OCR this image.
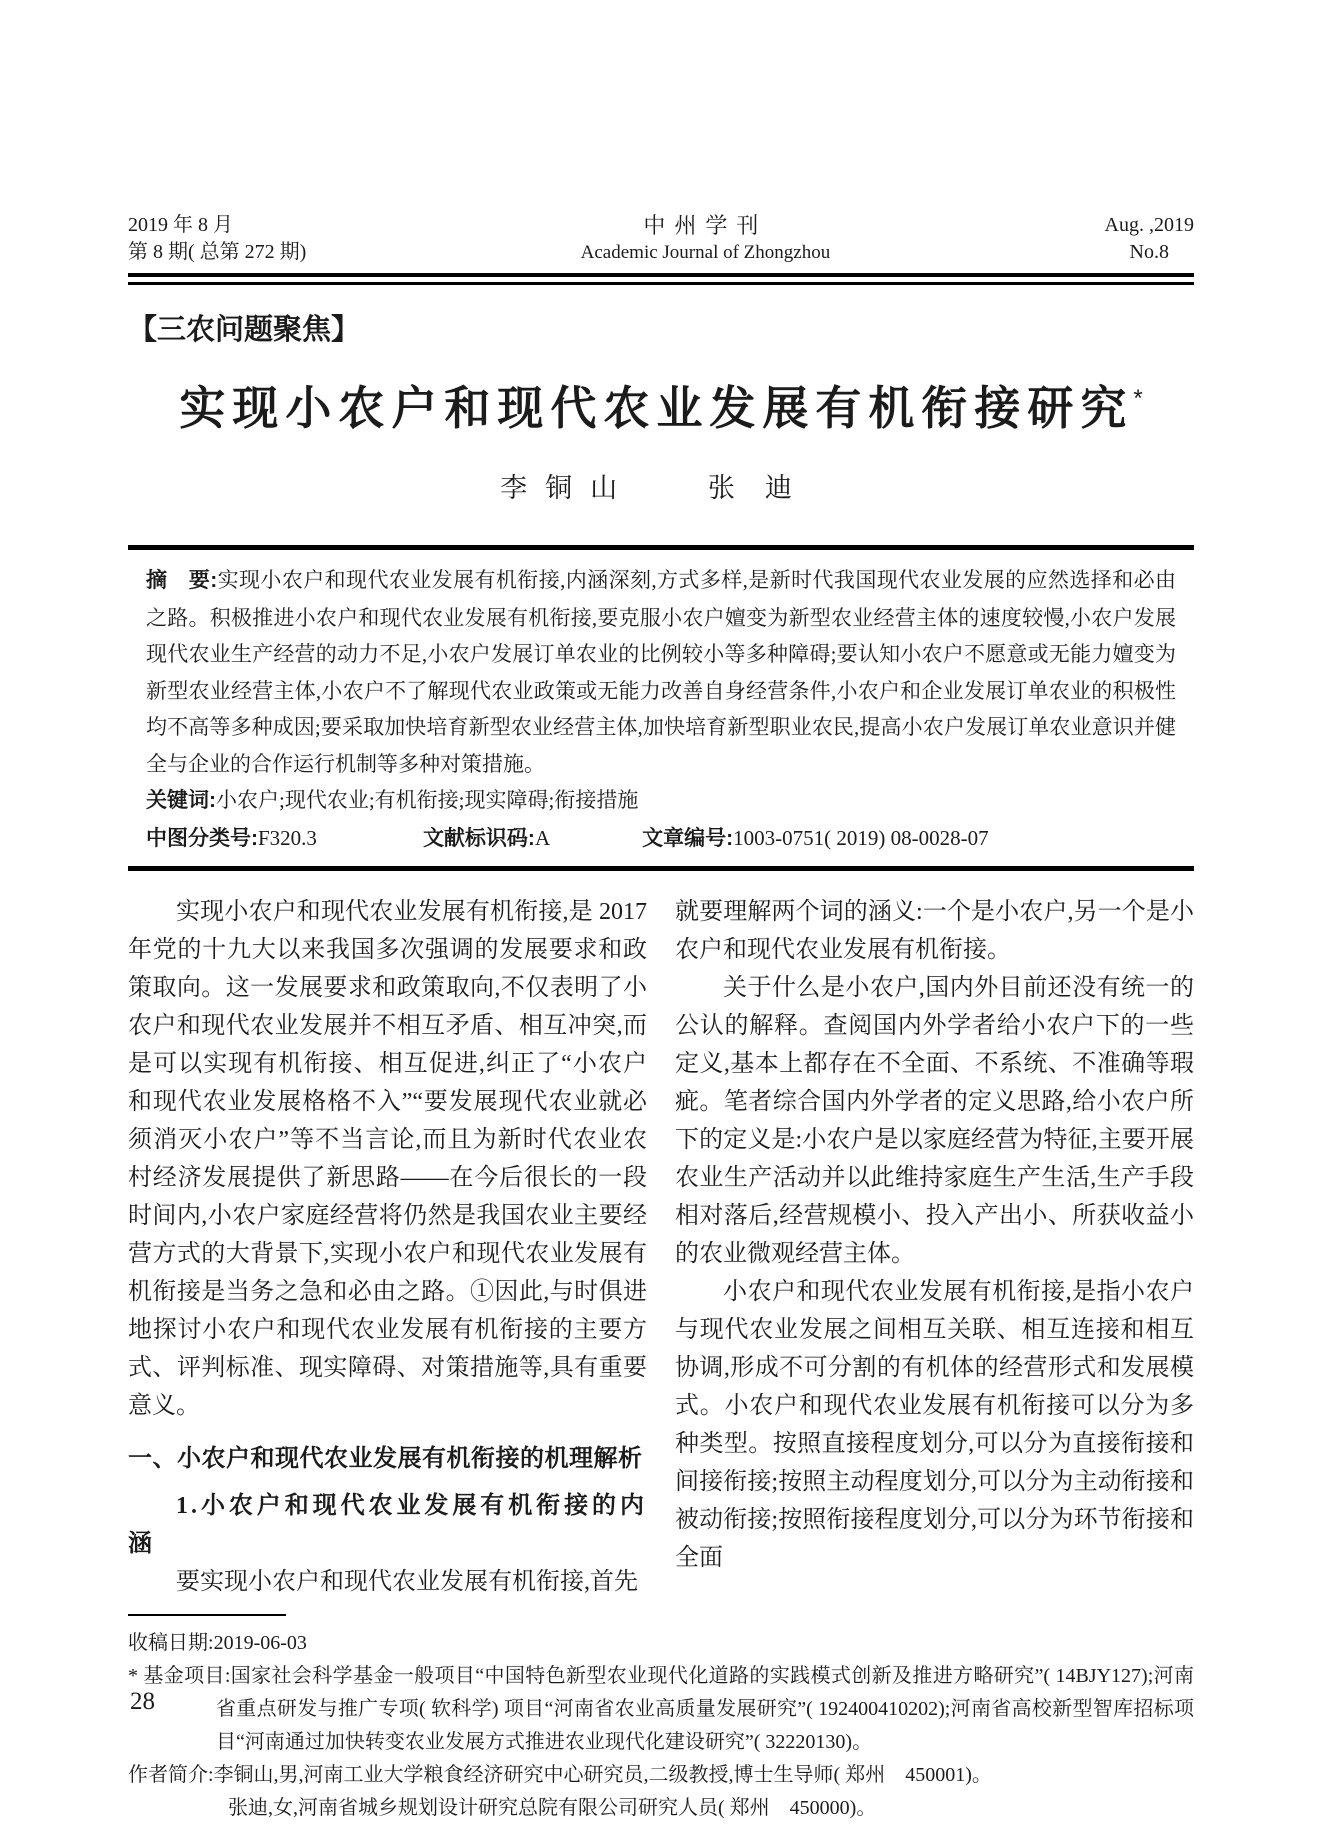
2019 年 8 月
第 8 期( 总第 272 期)
中州学刊
Academic Journal of Zhongzhou
Aug. ,2019
No.8
【三农问题聚焦】
实现小农户和现代农业发展有机衔接研究*
李铜山	张迪

摘　要:实现小农户和现代农业发展有机衔接,内涵深刻,方式多样,是新时代我国现代农业发展的应然选择和必由之路。积极推进小农户和现代农业发展有机衔接,要克服小农户嬗变为新型农业经营主体的速度较慢,小农户发展现代农业生产经营的动力不足,小农户发展订单农业的比例较小等多种障碍;要认知小农户不愿意或无能力嬗变为新型农业经营主体,小农户不了解现代农业政策或无能力改善自身经营条件,小农户和企业发展订单农业的积极性均不高等多种成因;要采取加快培育新型农业经营主体,加快培育新型职业农民,提高小农户发展订单农业意识并健全与企业的合作运行机制等多种对策措施。

关键词:小农户;现代农业;有机衔接;现实障碍;衔接措施

中图分类号:F320.3	文献标识码:A	文章编号:1003-0751( 2019) 08-0028-07

实现小农户和现代农业发展有机衔接,是 2017 年党的十九大以来我国多次强调的发展要求和政策取向。这一发展要求和政策取向,不仅表明了小农户和现代农业发展并不相互矛盾、相互冲突,而是可以实现有机衔接、相互促进,纠正了“小农户和现代农业发展格格不入”“要发展现代农业就必须消灭小农户”等不当言论,而且为新时代农业农村经济发展提供了新思路——在今后很长的一段时间内,小农户家庭经营将仍然是我国农业主要经营方式的大背景下,实现小农户和现代农业发展有机衔接是当务之急和必由之路。①因此,与时俱进地探讨小农户和现代农业发展有机衔接的主要方式、评判标准、现实障碍、对策措施等,具有重要意义。

一、小农户和现代农业发展有机衔接的机理解析
1.小农户和现代农业发展有机衔接的内涵

要实现小农户和现代农业发展有机衔接,首先

就要理解两个词的涵义:一个是小农户,另一个是小农户和现代农业发展有机衔接。

关于什么是小农户,国内外目前还没有统一的公认的解释。查阅国内外学者给小农户下的一些定义,基本上都存在不全面、不系统、不准确等瑕疵。笔者综合国内外学者的定义思路,给小农户所下的定义是:小农户是以家庭经营为特征,主要开展农业生产活动并以此维持家庭生产生活,生产手段相对落后,经营规模小、投入产出小、所获收益小的农业微观经营主体。

小农户和现代农业发展有机衔接,是指小农户与现代农业发展之间相互关联、相互连接和相互协调,形成不可分割的有机体的经营形式和发展模式。小农户和现代农业发展有机衔接可以分为多种类型。按照直接程度划分,可以分为直接衔接和间接衔接;按照主动程度划分,可以分为主动衔接和被动衔接;按照衔接程度划分,可以分为环节衔接和全面

收稿日期:2019-06-03
* 基金项目:国家社会科学基金一般项目“中国特色新型农业现代化道路的实践模式创新及推进方略研究”( 14BJY127);河南省重点研发与推广专项( 软科学) 项目“河南省农业高质量发展研究”( 192400410202);河南省高校新型智库招标项目“河南通过加快转变农业发展方式推进农业现代化建设研究”( 32220130)。
作者简介:李铜山,男,河南工业大学粮食经济研究中心研究员,二级教授,博士生导师( 郑州　450001)。
张迪,女,河南省城乡规划设计研究总院有限公司研究人员( 郑州　450000)。
28
